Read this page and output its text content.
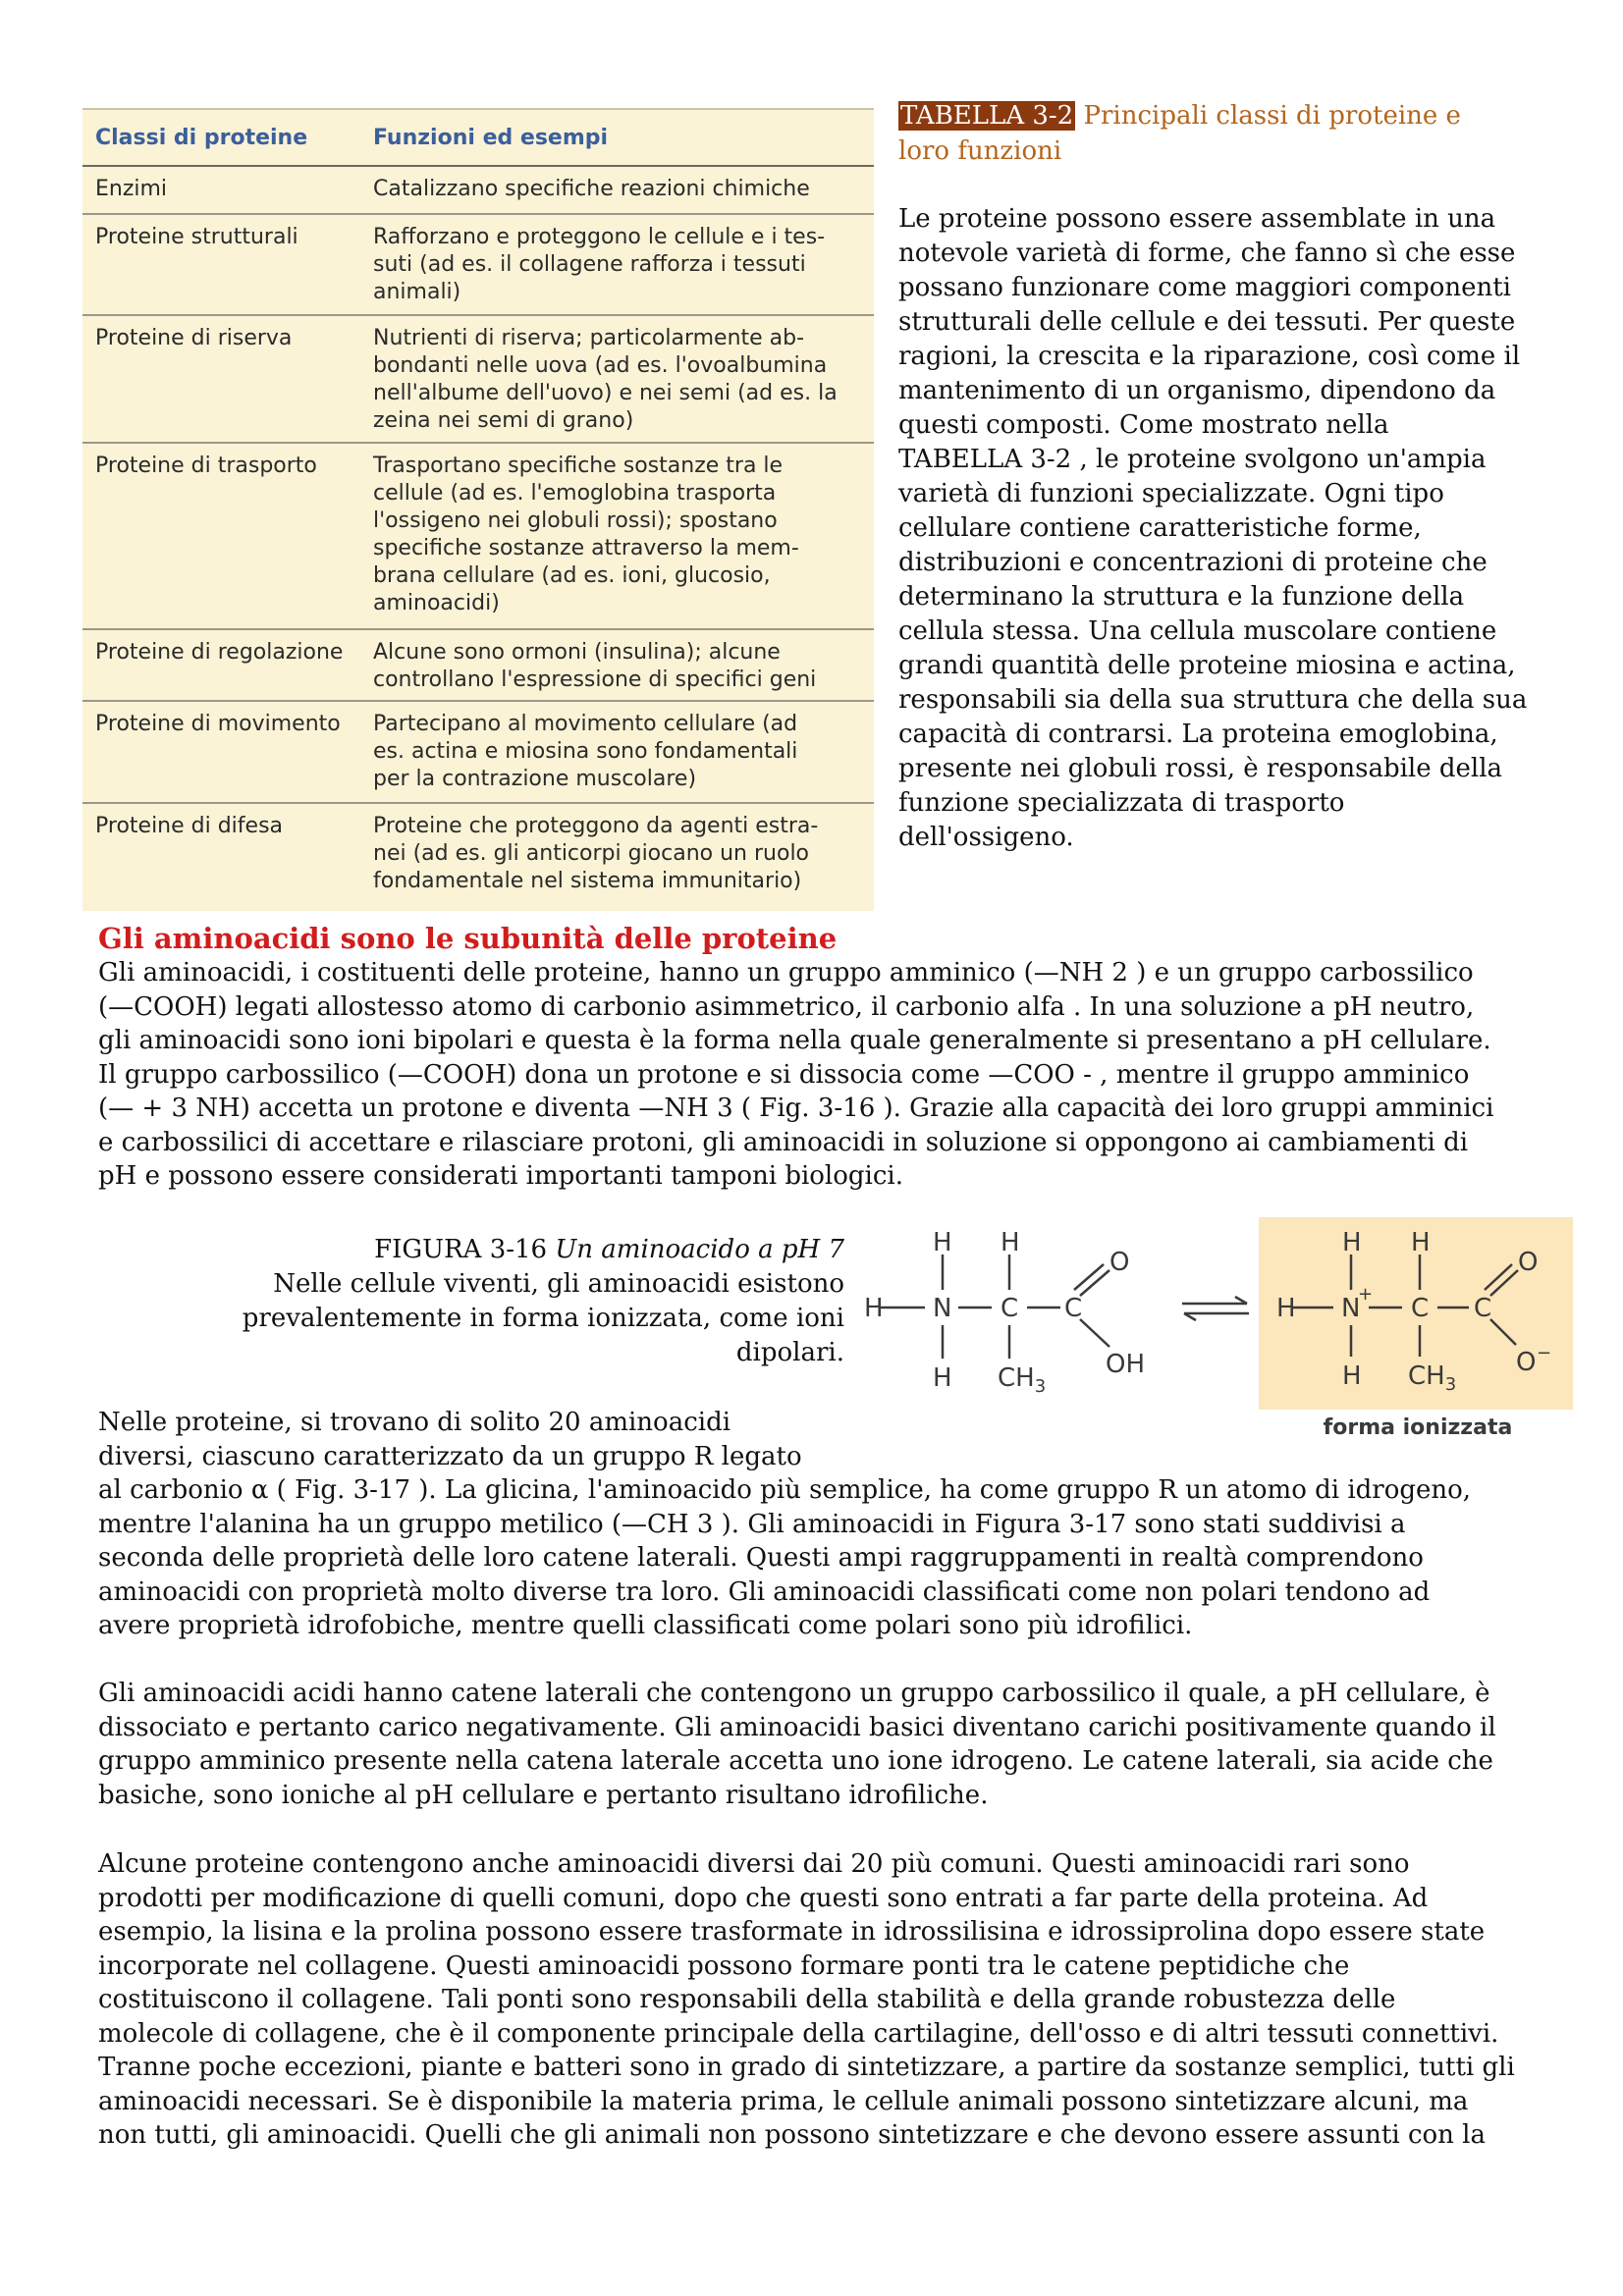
Classi di proteine	Funzioni ed esempi
Enzimi	Catalizzano specifiche reazioni chimiche
Proteine strutturali	Rafforzano e proteggono le cellule e i tes-
suti (ad es. il collagene rafforza i tessuti
animali)
Proteine di riserva	Nutrienti di riserva; particolarmente ab-
bondanti nelle uova (ad es. l'ovoalbumina
nell'albume dell'uovo) e nei semi (ad es. la
zeina nei semi di grano)
Proteine di trasporto	Trasportano specifiche sostanze tra le
cellule (ad es. l'emoglobina trasporta
l'ossigeno nei globuli rossi); spostano
specifiche sostanze attraverso la mem-
brana cellulare (ad es. ioni, glucosio,
aminoacidi)
Proteine di regolazione	Alcune sono ormoni (insulina); alcune
controllano l'espressione di specifici geni
Proteine di movimento	Partecipano al movimento cellulare (ad
es. actina e miosina sono fondamentali
per la contrazione muscolare)
Proteine di difesa	Proteine che proteggono da agenti estra-
nei (ad es. gli anticorpi giocano un ruolo
fondamentale nel sistema immunitario)
TABELLA 3-2 Principali classi di proteine e loro funzioni

Le proteine possono essere assemblate in una
notevole varietà di forme, che fanno sì che esse
possano funzionare come maggiori componenti
strutturali delle cellule e dei tessuti. Per queste
ragioni, la crescita e la riparazione, così come il
mantenimento di un organismo, dipendono da
questi composti. Come mostrato nella
TABELLA 3-2 , le proteine svolgono un'ampia
varietà di funzioni specializzate. Ogni tipo
cellulare contiene caratteristiche forme,
distribuzioni e concentrazioni di proteine che
determinano la struttura e la funzione della
cellula stessa. Una cellula muscolare contiene
grandi quantità delle proteine miosina e actina,
responsabili sia della sua struttura che della sua
capacità di contrarsi. La proteina emoglobina,
presente nei globuli rossi, è responsabile della
funzione specializzata di trasporto
dell'ossigeno.

Gli aminoacidi sono le subunità delle proteine

Gli aminoacidi, i costituenti delle proteine, hanno un gruppo amminico (—NH 2 ) e un gruppo carbossilico
(—COOH) legati allostesso atomo di carbonio asimmetrico, il carbonio alfa . In una soluzione a pH neutro,
gli aminoacidi sono ioni bipolari e questa è la forma nella quale generalmente si presentano a pH cellulare.
Il gruppo carbossilico (—COOH) dona un protone e si dissocia come —COO - , mentre il gruppo amminico
(— + 3 NH) accetta un protone e diventa —NH 3 ( Fig. 3-16 ). Grazie alla capacità dei loro gruppi amminici
e carbossilici di accettare e rilasciare protoni, gli aminoacidi in soluzione si oppongono ai cambiamenti di
pH e possono essere considerati importanti tamponi biologici.

FIGURA 3-16 Un aminoacido a pH 7
Nelle cellule viventi, gli aminoacidi esistono
prevalentemente in forma ionizzata, come ioni
dipolari.
H N C C
H
H
H
$CH_3$
O
OH
H N
+ C C
H
H
H
$CH_3$
O
O −

forma ionizzata

Nelle proteine, si trovano di solito 20 aminoacidi
diversi, ciascuno caratterizzato da un gruppo R legato
al carbonio α ( Fig. 3-17 ). La glicina, l'aminoacido più semplice, ha come gruppo R un atomo di idrogeno,
mentre l'alanina ha un gruppo metilico (—CH 3 ). Gli aminoacidi in Figura 3-17 sono stati suddivisi a
seconda delle proprietà delle loro catene laterali. Questi ampi raggruppamenti in realtà comprendono
aminoacidi con proprietà molto diverse tra loro. Gli aminoacidi classificati come non polari tendono ad
avere proprietà idrofobiche, mentre quelli classificati come polari sono più idrofilici.

Gli aminoacidi acidi hanno catene laterali che contengono un gruppo carbossilico il quale, a pH cellulare, è
dissociato e pertanto carico negativamente. Gli aminoacidi basici diventano carichi positivamente quando il
gruppo amminico presente nella catena laterale accetta uno ione idrogeno. Le catene laterali, sia acide che
basiche, sono ioniche al pH cellulare e pertanto risultano idrofiliche.

Alcune proteine contengono anche aminoacidi diversi dai 20 più comuni. Questi aminoacidi rari sono
prodotti per modificazione di quelli comuni, dopo che questi sono entrati a far parte della proteina. Ad
esempio, la lisina e la prolina possono essere trasformate in idrossilisina e idrossiprolina dopo essere state
incorporate nel collagene. Questi aminoacidi possono formare ponti tra le catene peptidiche che
costituiscono il collagene. Tali ponti sono responsabili della stabilità e della grande robustezza delle
molecole di collagene, che è il componente principale della cartilagine, dell'osso e di altri tessuti connettivi.
Tranne poche eccezioni, piante e batteri sono in grado di sintetizzare, a partire da sostanze semplici, tutti gli
aminoacidi necessari. Se è disponibile la materia prima, le cellule animali possono sintetizzare alcuni, ma
non tutti, gli aminoacidi. Quelli che gli animali non possono sintetizzare e che devono essere assunti con la
